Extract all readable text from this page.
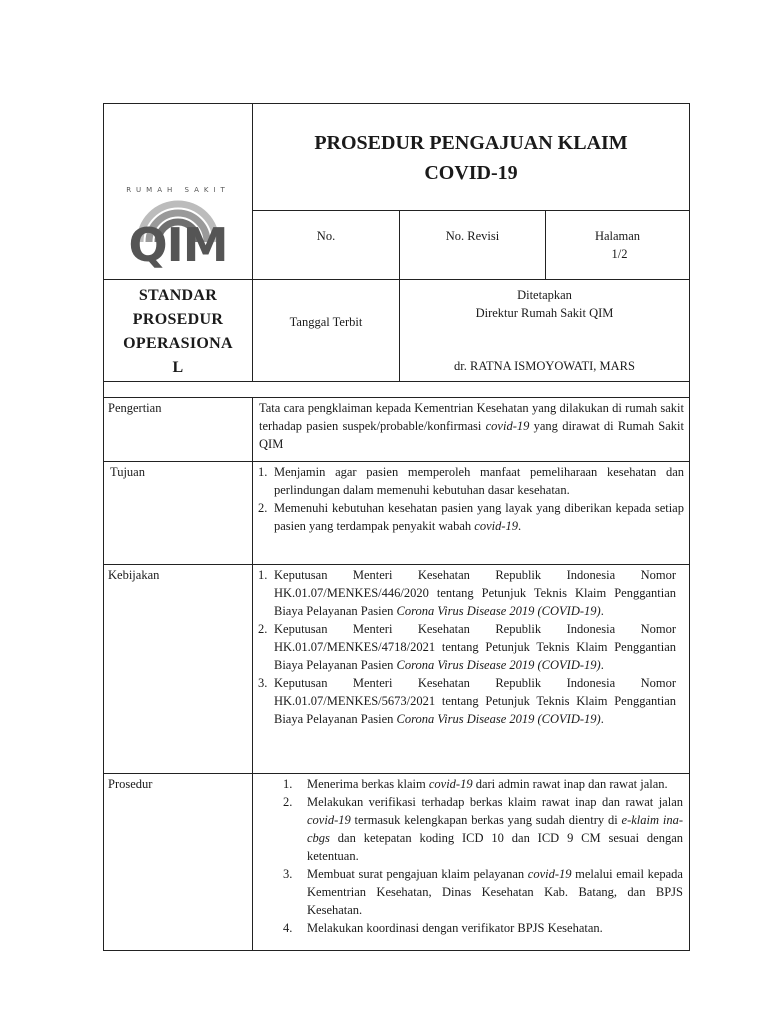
RUMAH SAKIT
QIM
PROSEDUR PENGAJUAN KLAIM
COVID-19
No.	No. Revisi	Halaman
1/2
STANDAR
PROSEDUR
OPERASIONA
L
Tanggal Terbit
Ditetapkan
Direktur Rumah Sakit QIM
dr. RATNA ISMOYOWATI, MARS
Pengertian	Tata cara pengklaiman kepada Kementrian Kesehatan yang dilakukan di rumah sakit terhadap pasien suspek/probable/konfirmasi covid-19 yang dirawat di Rumah Sakit QIM
Tujuan	1. Menjamin agar pasien memperoleh manfaat pemeliharaan kesehatan dan perlindungan dalam memenuhi kebutuhan dasar kesehatan.
2. Memenuhi kebutuhan kesehatan pasien yang layak yang diberikan kepada setiap pasien yang terdampak penyakit wabah covid-19.
Kebijakan	1. Keputusan Menteri Kesehatan Republik Indonesia Nomor HK.01.07/MENKES/446/2020 tentang Petunjuk Teknis Klaim Penggantian Biaya Pelayanan Pasien Corona Virus Disease 2019 (COVID-19).
2. Keputusan Menteri Kesehatan Republik Indonesia Nomor HK.01.07/MENKES/4718/2021 tentang Petunjuk Teknis Klaim Penggantian Biaya Pelayanan Pasien Corona Virus Disease 2019 (COVID-19).
3. Keputusan Menteri Kesehatan Republik Indonesia Nomor HK.01.07/MENKES/5673/2021 tentang Petunjuk Teknis Klaim Penggantian Biaya Pelayanan Pasien Corona Virus Disease 2019 (COVID-19).
Prosedur	1. Menerima berkas klaim covid-19 dari admin rawat inap dan rawat jalan.
2. Melakukan verifikasi terhadap berkas klaim rawat inap dan rawat jalan covid-19 termasuk kelengkapan berkas yang sudah dientry di e-klaim ina-cbgs dan ketepatan koding ICD 10 dan ICD 9 CM sesuai dengan ketentuan.
3. Membuat surat pengajuan klaim pelayanan covid-19 melalui email kepada Kementrian Kesehatan, Dinas Kesehatan Kab. Batang, dan BPJS Kesehatan.
4. Melakukan koordinasi dengan verifikator BPJS Kesehatan.
